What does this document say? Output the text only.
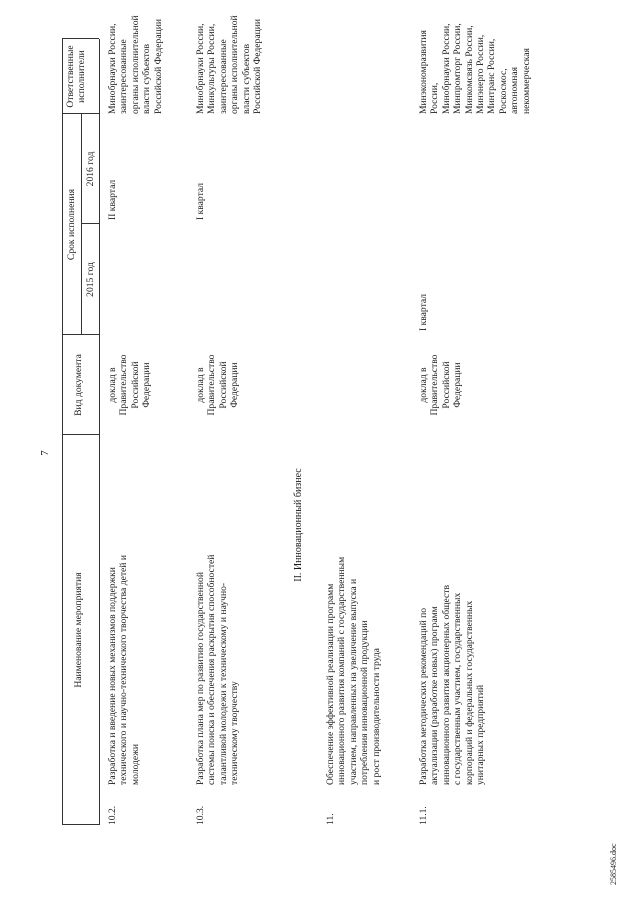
7
Наименование мероприятия
Вид документа
Срок исполнения
2015 год
2016 год
Ответственные
исполнители
10.2.
Разработка и введение новых механизмов поддержки
технического и научно-технического творчества детей и
молодежи
доклад в
Правительство
Российской
Федерации
II квартал
Минобрнауки России,
заинтересованные
органы исполнительной
власти субъектов
Российской Федерации
10.3.
Разработка плана мер по развитию государственной
системы поиска и обеспечения раскрытия способностей
талантливой молодежи к техническому и научно-
техническому творчеству
доклад в
Правительство
Российской
Федерации
I квартал
Минобрнауки России,
Минкультуры России,
заинтересованные
органы исполнительной
власти субъектов
Российской Федерации
II. Инновационный бизнес
11.
Обеспечение эффективной реализации программ
инновационного развития компаний с государственным
участием, направленных на увеличение выпуска и
потребления инновационной продукции
и рост производительности труда
11.1.
Разработка методических рекомендаций по
актуализации (разработке новых) программ
инновационного развития акционерных обществ
с государственным участием, государственных
корпораций и федеральных государственных
унитарных предприятий
доклад в
Правительство
Российской
Федерации
I квартал
Минэкономразвития
России,
Минобрнауки России,
Минпромторг России,
Минкомсвязь России,
Минэнерго России,
Минтранс России,
Роскосмос,
автономная
некоммерческая
2585496.doc
